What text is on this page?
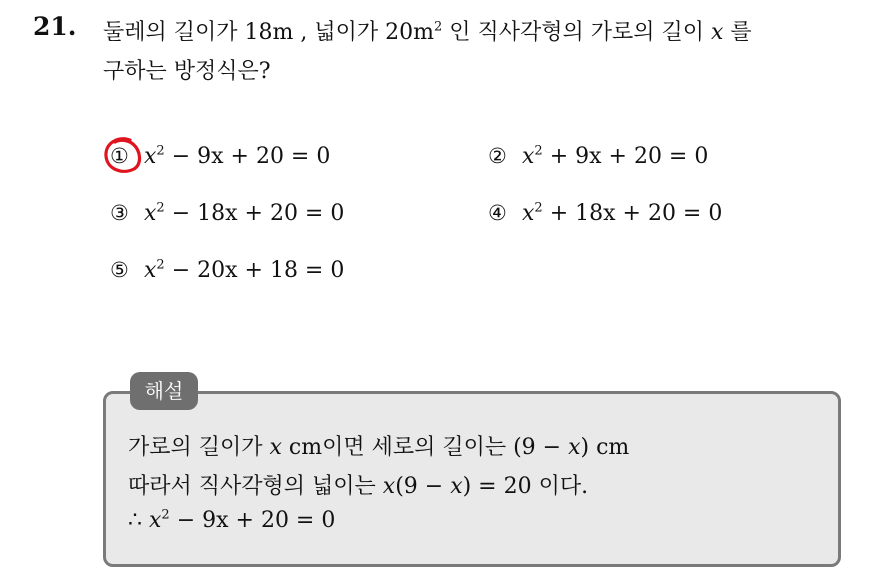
21. 둘레의 길이가 18m , 넓이가 $20m^2$ 인 직사각형의 가로의 길이 x 를
구하는 방정식은?
① $x^2 - 9x + 20 = 0$	② $x^2 + 9x + 20 = 0$
③ $x^2 - 18x + 20 = 0$	④ $x^2 + 18x + 20 = 0$
⑤ $x^2 - 20x + 18 = 0$
해설
가로의 길이가 x cm이면 세로의 길이는 (9 − x) cm
따라서 직사각형의 넓이는 x(9 − x) = 20 이다.
∴ $x^2 - 9x + 20 = 0$
